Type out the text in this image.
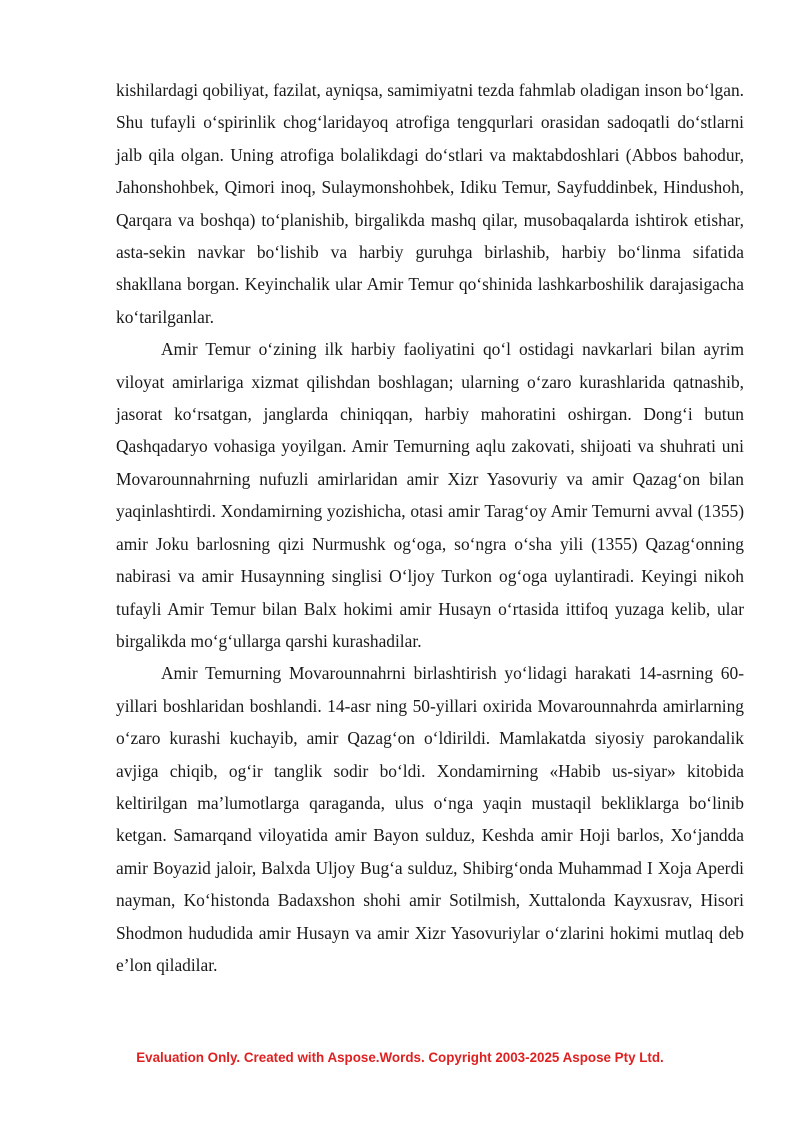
kishilardagi qobiliyat, fazilat, ayniqsa, samimiyatni tezda fahmlab oladigan inson bo‘lgan. Shu tufayli o‘spirinlik chog‘laridayoq atrofiga tengqurlari orasidan sadoqatli do‘stlarni jalb qila olgan. Uning atrofiga bolalikdagi do‘stlari va maktabdoshlari (Abbos bahodur, Jahonshohbek, Qimori inoq, Sulaymonshohbek, Idiku Temur, Sayfuddinbek, Hindushoh, Qarqara va boshqa) to‘planishib, birgalikda mashq qilar, musobaqalarda ishtirok etishar, asta-sekin navkar bo‘lishib va harbiy guruhga birlashib, harbiy bo‘linma sifatida shakllana borgan. Keyinchalik ular Amir Temur qo‘shinida lashkarboshilik darajasigacha ko‘tarilganlar.

Amir Temur o‘zining ilk harbiy faoliyatini qo‘l ostidagi navkarlari bilan ayrim viloyat amirlariga xizmat qilishdan boshlagan; ularning o‘zaro kurashlarida qatnashib, jasorat ko‘rsatgan, janglarda chiniqqan, harbiy mahoratini oshirgan. Dong‘i butun Qashqadaryo vohasiga yoyilgan. Amir Temurning aqlu zakovati, shijoati va shuhrati uni Movarounnahrning nufuzli amirlaridan amir Xizr Yasovuriy va amir Qazag‘on bilan yaqinlashtirdi. Xondamirning yozishicha, otasi amir Tarag‘oy Amir Temurni avval (1355) amir Joku barlosning qizi Nurmushk og‘oga, so‘ngra o‘sha yili (1355) Qazag‘onning nabirasi va amir Husaynning singlisi O‘ljoy Turkon og‘oga uylantiradi. Keyingi nikoh tufayli Amir Temur bilan Balx hokimi amir Husayn o‘rtasida ittifoq yuzaga kelib, ular birgalikda mo‘g‘ullarga qarshi kurashadilar.

Amir Temurning Movarounnahrni birlashtirish yo‘lidagi harakati 14-asrning 60-yillari boshlaridan boshlandi. 14-asr ning 50-yillari oxirida Movarounnahrda amirlarning o‘zaro kurashi kuchayib, amir Qazag‘on o‘ldirildi. Mamlakatda siyosiy parokandalik avjiga chiqib, og‘ir tanglik sodir bo‘ldi. Xondamirning «Habib us-siyar» kitobida keltirilgan ma’lumotlarga qaraganda, ulus o‘nga yaqin mustaqil bekliklarga bo‘linib ketgan. Samarqand viloyatida amir Bayon sulduz, Keshda amir Hoji barlos, Xo‘jandda amir Boyazid jaloir, Balxda Uljoy Bug‘a sulduz, Shibirg‘onda Muhammad I Xoja Aperdi nayman, Ko‘histonda Badaxshon shohi amir Sotilmish, Xuttalonda Kayxusrav, Hisori Shodmon hududida amir Husayn va amir Xizr Yasovuriylar o‘zlarini hokimi mutlaq deb e’lon qiladilar.

Evaluation Only. Created with Aspose.Words. Copyright 2003-2025 Aspose Pty Ltd.
